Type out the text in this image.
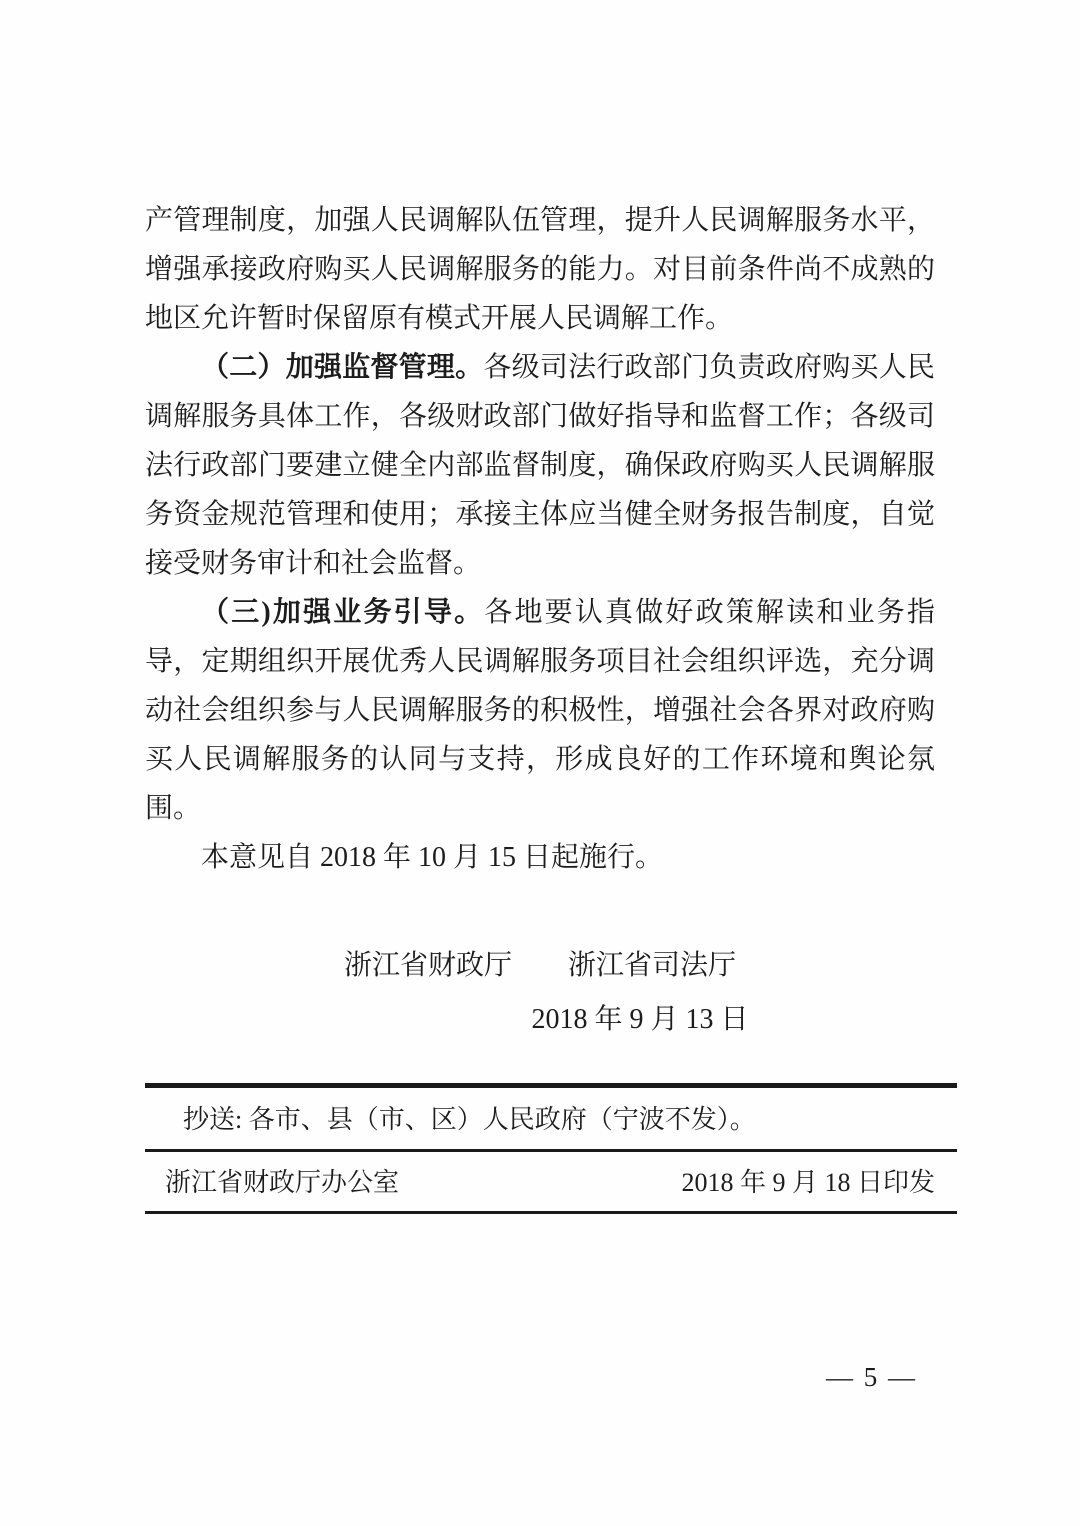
产管理制度，加强人民调解队伍管理，提升人民调解服务水平，增强承接政府购买人民调解服务的能力。对目前条件尚不成熟的地区允许暂时保留原有模式开展人民调解工作。

（二）加强监督管理。各级司法行政部门负责政府购买人民调解服务具体工作，各级财政部门做好指导和监督工作；各级司法行政部门要建立健全内部监督制度，确保政府购买人民调解服务资金规范管理和使用；承接主体应当健全财务报告制度，自觉接受财务审计和社会监督。

（三)加强业务引导。各地要认真做好政策解读和业务指导，定期组织开展优秀人民调解服务项目社会组织评选，充分调动社会组织参与人民调解服务的积极性，增强社会各界对政府购买人民调解服务的认同与支持，形成良好的工作环境和舆论氛围。

本意见自 2018 年 10 月 15 日起施行。

浙江省财政厅　　浙江省司法厅
2018 年 9 月 13 日
抄送: 各市、县（市、区）人民政府（宁波不发）。
浙江省财政厅办公室	2018 年 9 月 18 日印发
— 5 —
